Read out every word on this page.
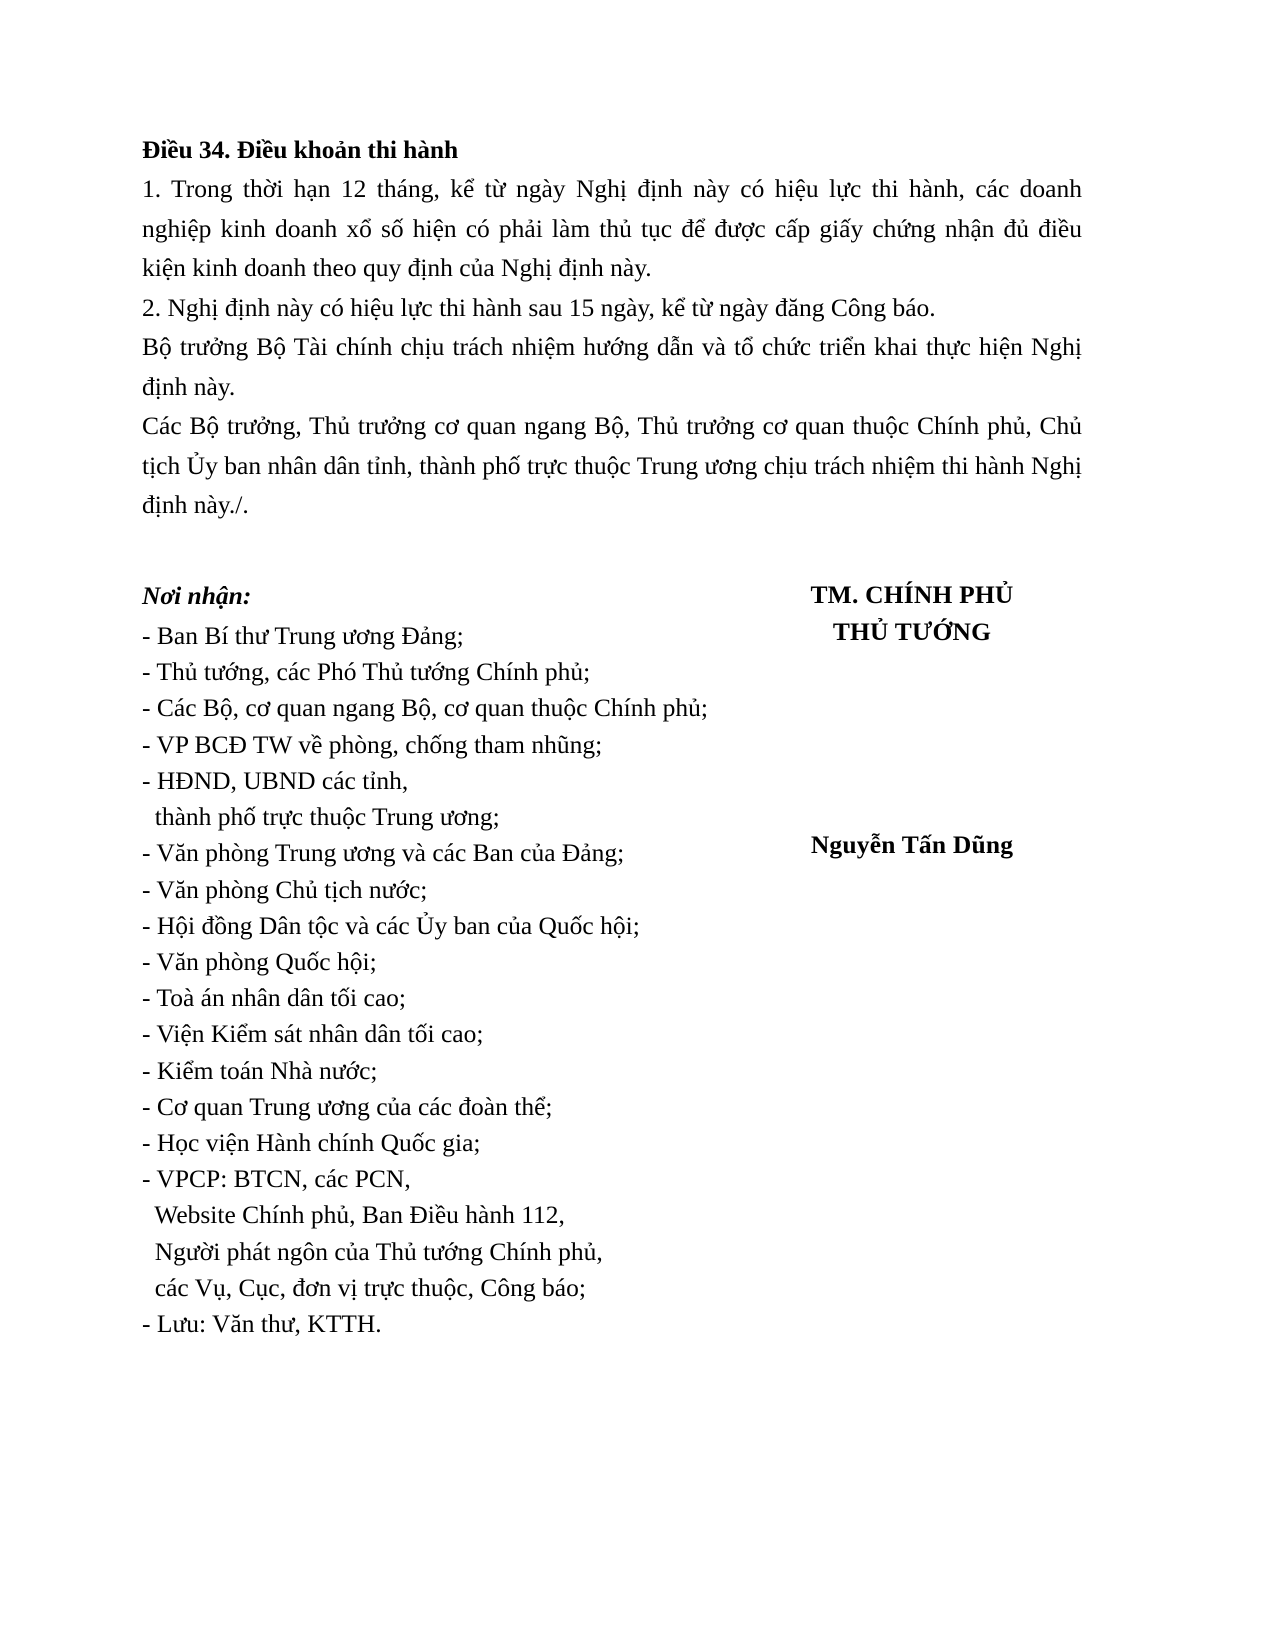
Điều 34. Điều khoản thi hành

1. Trong thời hạn 12 tháng, kể từ ngày Nghị định này có hiệu lực thi hành, các doanh nghiệp kinh doanh xổ số hiện có phải làm thủ tục để được cấp giấy chứng nhận đủ điều kiện kinh doanh theo quy định của Nghị định này.

2. Nghị định này có hiệu lực thi hành sau 15 ngày, kể từ ngày đăng Công báo.

Bộ trưởng Bộ Tài chính chịu trách nhiệm hướng dẫn và tổ chức triển khai thực hiện Nghị định này.

Các Bộ trưởng, Thủ trưởng cơ quan ngang Bộ, Thủ trưởng cơ quan thuộc Chính phủ, Chủ tịch Ủy ban nhân dân tỉnh, thành phố trực thuộc Trung ương chịu trách nhiệm thi hành Nghị định này./.

Nơi nhận:
- Ban Bí thư Trung ương Đảng;
- Thủ tướng, các Phó Thủ tướng Chính phủ;
- Các Bộ, cơ quan ngang Bộ, cơ quan thuộc Chính phủ;
- VP BCĐ TW về phòng, chống tham nhũng;
- HĐND, UBND các tỉnh,
thành phố trực thuộc Trung ương;
- Văn phòng Trung ương và các Ban của Đảng;
- Văn phòng Chủ tịch nước;
- Hội đồng Dân tộc và các Ủy ban của Quốc hội;
- Văn phòng Quốc hội;
- Toà án nhân dân tối cao;
- Viện Kiểm sát nhân dân tối cao;
- Kiểm toán Nhà nước;
- Cơ quan Trung ương của các đoàn thể;
- Học viện Hành chính Quốc gia;
- VPCP: BTCN, các PCN,
Website Chính phủ, Ban Điều hành 112,
Người phát ngôn của Thủ tướng Chính phủ,
các Vụ, Cục, đơn vị trực thuộc, Công báo;
- Lưu: Văn thư, KTTH.
TM. CHÍNH PHỦ
THỦ TƯỚNG
Nguyễn Tấn Dũng
